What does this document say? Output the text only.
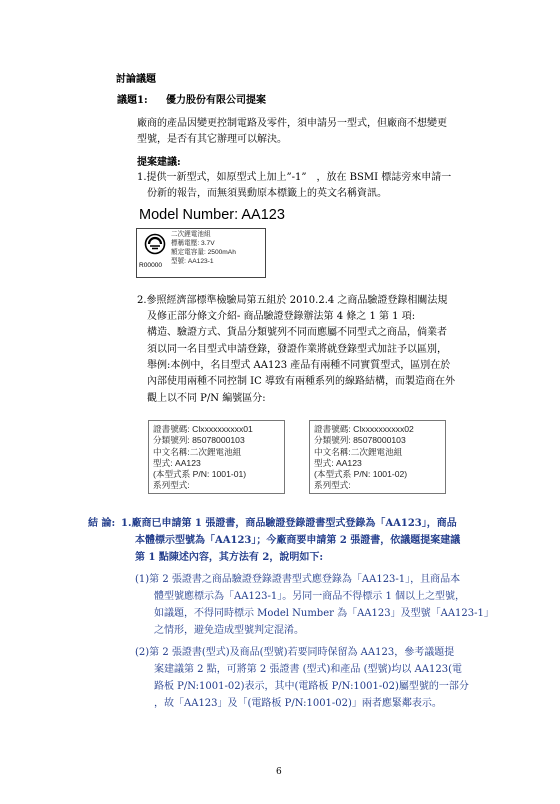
討論議題
議題1: 優力股份有限公司提案
廠商的產品因變更控制電路及零件，須申請另一型式，但廠商不想變更
型號，是否有其它辦理可以解決。
提案建議:
1.提供一新型式，如原型式上加上”-1”　，放在 BSMI 標誌旁來申請一
份新的報告，而無須異動原本標籤上的英文名稱資訊。
Model Number: AA123
R00000
二次鋰電池組
標稱電壓: 3.7V
額定電容量: 2500mAh
型號: AA123-1
2.參照經濟部標準檢驗局第五組於 2010.2.4 之商品驗證登錄相關法規
及修正部分條文介紹- 商品驗證登錄辦法第 4 條之 1 第 1 項:
構造、驗證方式、貨品分類號列不同而應屬不同型式之商品，倘業者
須以同一名目型式申請登錄，發證作業將就登錄型式加註予以區別，
舉例:本例中，名目型式 AA123 產品有兩種不同實質型式，區別在於
內部使用兩種不同控制 IC 導致有兩種系列的線路結構，而製造商在外
觀上以不同 P/N 編號區分:
證書號碼: Clxxxxxxxxxx01
分類號列: 85078000103
中文名稱:二次鋰電池組
型式: AA123
(本型式系 P/N: 1001-01)
系列型式:
證書號碼: Clxxxxxxxxxx02
分類號列: 85078000103
中文名稱:二次鋰電池組
型式: AA123
(本型式系 P/N: 1001-02)
系列型式:
結 論: 1.廠商已申請第 1 張證書，商品驗證登錄證書型式登錄為「AA123」，商品
本體標示型號為「AA123」；今廠商要申請第 2 張證書，依議題提案建議
第 1 點陳述內容，其方法有 2，說明如下:
(1)第 2 張證書之商品驗證登錄證書型式應登錄為「AA123-1」，且商品本
體型號應標示為「AA123-1」。另同一商品不得標示 1 個以上之型號，
如議題，不得同時標示 Model Number 為「AA123」及型號「AA123-1」
之情形，避免造成型號判定混淆。
(2)第 2 張證書(型式)及商品(型號)若要同時保留為 AA123，參考議題提
案建議第 2 點，可將第 2 張證書 (型式)和產品 (型號)均以 AA123(電
路板 P/N:1001-02)表示，其中(電路板 P/N:1001-02)屬型號的一部分
，故「AA123」及「(電路板 P/N:1001-02)」兩者應緊鄰表示。
6
